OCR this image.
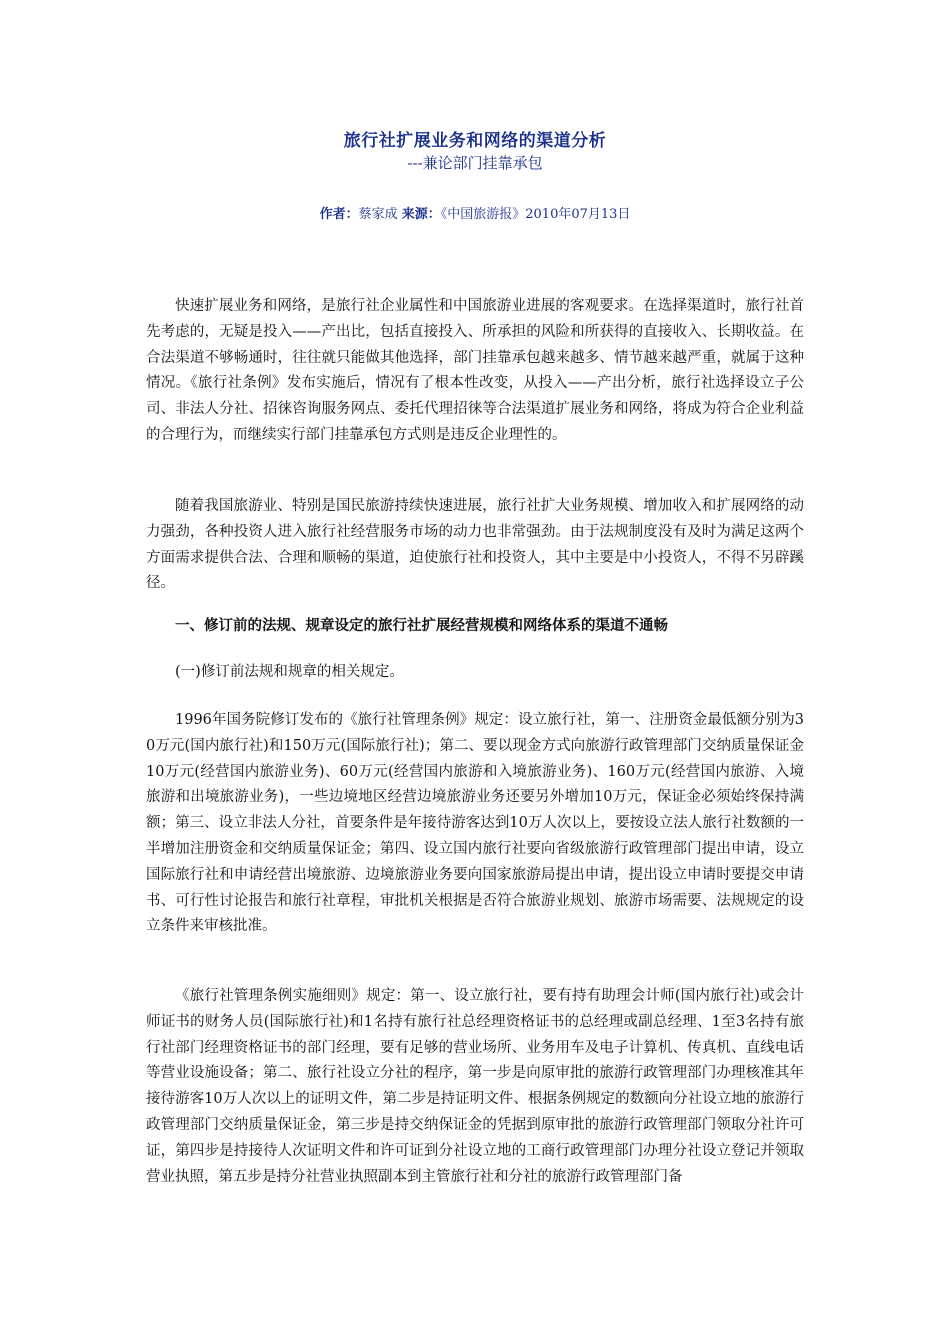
旅行社扩展业务和网络的渠道分析
---兼论部门挂靠承包
作者：蔡家成 来源：《中国旅游报》2010年07月13日

快速扩展业务和网络，是旅行社企业属性和中国旅游业进展的客观要求。在选择渠道时，旅行社首先考虑的，无疑是投入——产出比，包括直接投入、所承担的风险和所获得的直接收入、长期收益。在合法渠道不够畅通时，往往就只能做其他选择，部门挂靠承包越来越多、情节越来越严重，就属于这种情况。《旅行社条例》发布实施后，情况有了根本性改变，从投入——产出分析，旅行社选择设立子公司、非法人分社、招徕咨询服务网点、委托代理招徕等合法渠道扩展业务和网络，将成为符合企业利益的合理行为，而继续实行部门挂靠承包方式则是违反企业理性的。

随着我国旅游业、特别是国民旅游持续快速进展，旅行社扩大业务规模、增加收入和扩展网络的动力强劲，各种投资人进入旅行社经营服务市场的动力也非常强劲。由于法规制度没有及时为满足这两个方面需求提供合法、合理和顺畅的渠道，迫使旅行社和投资人，其中主要是中小投资人，不得不另辟蹊径。

一、修订前的法规、规章设定的旅行社扩展经营规模和网络体系的渠道不通畅

(一)修订前法规和规章的相关规定。

1996年国务院修订发布的《旅行社管理条例》规定：设立旅行社，第一、注册资金最低额分别为30万元(国内旅行社)和150万元(国际旅行社)；第二、要以现金方式向旅游行政管理部门交纳质量保证金10万元(经营国内旅游业务)、60万元(经营国内旅游和入境旅游业务)、160万元(经营国内旅游、入境旅游和出境旅游业务)，一些边境地区经营边境旅游业务还要另外增加10万元，保证金必须始终保持满额；第三、设立非法人分社，首要条件是年接待游客达到10万人次以上，要按设立法人旅行社数额的一半增加注册资金和交纳质量保证金；第四、设立国内旅行社要向省级旅游行政管理部门提出申请，设立国际旅行社和申请经营出境旅游、边境旅游业务要向国家旅游局提出申请，提出设立申请时要提交申请书、可行性讨论报告和旅行社章程，审批机关根据是否符合旅游业规划、旅游市场需要、法规规定的设立条件来审核批准。

《旅行社管理条例实施细则》规定：第一、设立旅行社，要有持有助理会计师(国内旅行社)或会计师证书的财务人员(国际旅行社)和1名持有旅行社总经理资格证书的总经理或副总经理、1至3名持有旅行社部门经理资格证书的部门经理，要有足够的营业场所、业务用车及电子计算机、传真机、直线电话等营业设施设备；第二、旅行社设立分社的程序，第一步是向原审批的旅游行政管理部门办理核准其年接待游客10万人次以上的证明文件，第二步是持证明文件、根据条例规定的数额向分社设立地的旅游行政管理部门交纳质量保证金，第三步是持交纳保证金的凭据到原审批的旅游行政管理部门领取分社许可证，第四步是持接待人次证明文件和许可证到分社设立地的工商行政管理部门办理分社设立登记并领取营业执照，第五步是持分社营业执照副本到主管旅行社和分社的旅游行政管理部门备
